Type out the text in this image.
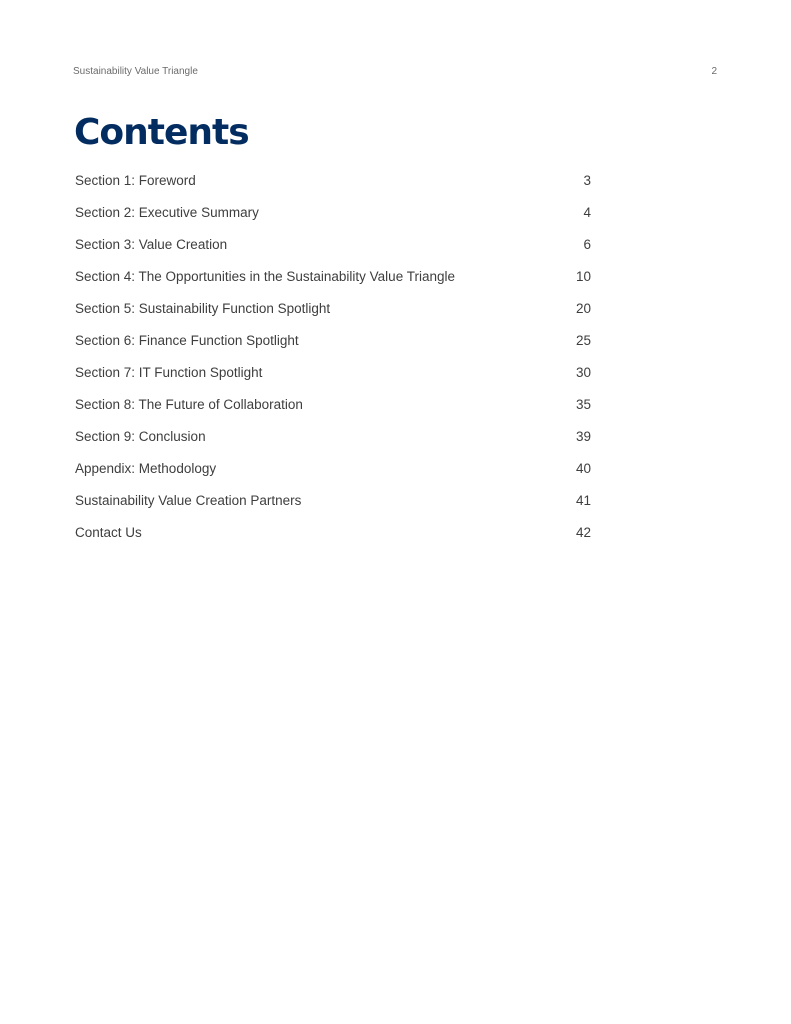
Sustainability Value Triangle	2
Contents
Section 1: Foreword	3
Section 2: Executive Summary	4
Section 3: Value Creation	6
Section 4: The Opportunities in the Sustainability Value Triangle	10
Section 5: Sustainability Function Spotlight	20
Section 6: Finance Function Spotlight	25
Section 7: IT Function Spotlight	30
Section 8: The Future of Collaboration	35
Section 9: Conclusion	39
Appendix: Methodology	40
Sustainability Value Creation Partners	41
Contact Us	42
